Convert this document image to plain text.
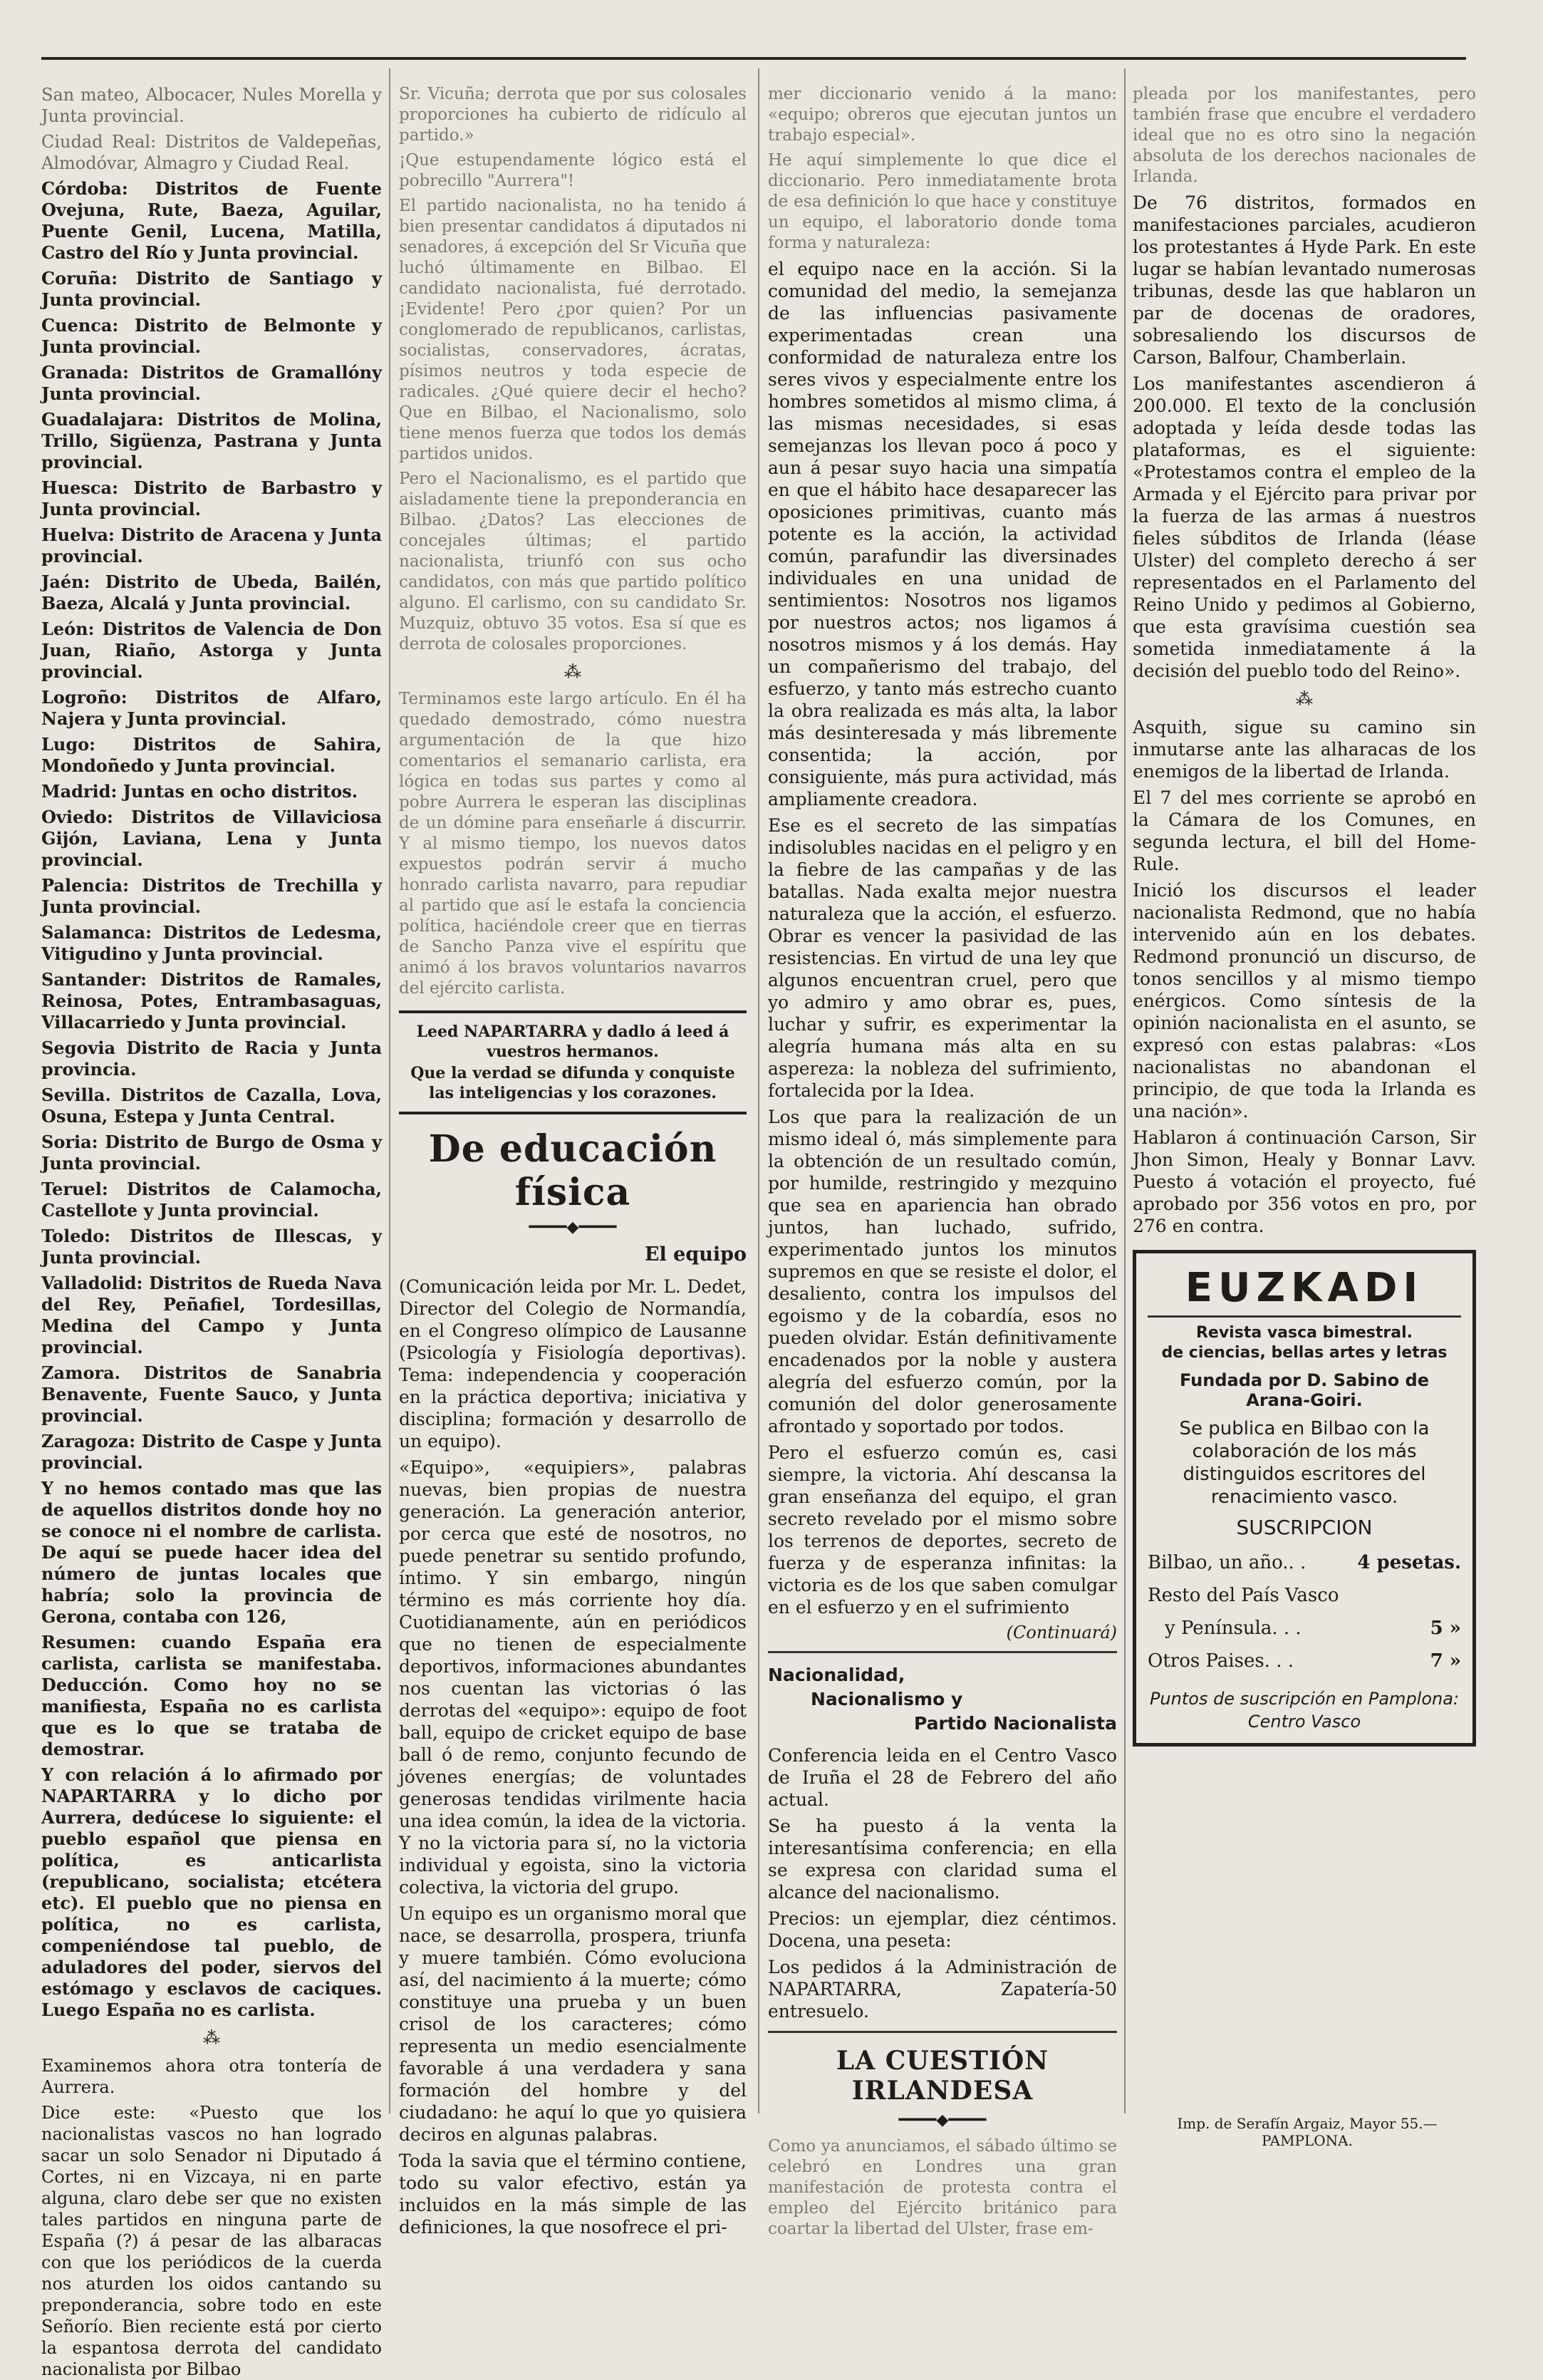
San mateo, Albocacer, Nules Morella y Junta provincial.

Ciudad Real: Distritos de Valdepeñas, Almodóvar, Almagro y Ciudad Real.

Córdoba: Distritos de Fuente Ovejuna, Rute, Baeza, Aguilar, Puente Genil, Lucena, Matilla, Castro del Río y Junta provincial.

Coruña: Distrito de Santiago y Junta provincial.

Cuenca: Distrito de Belmonte y Junta provincial.

Granada: Distritos de Gramallóny Junta provincial.

Guadalajara: Distritos de Molina, Trillo, Sigüenza, Pastrana y Junta provincial.

Huesca: Distrito de Barbastro y Junta provincial.

Huelva: Distrito de Aracena y Junta provincial.

Jaén: Distrito de Ubeda, Bailén, Baeza, Alcalá y Junta provincial.

León: Distritos de Valencia de Don Juan, Riaño, Astorga y Junta provincial.

Logroño: Distritos de Alfaro, Najera y Junta provincial.

Lugo: Distritos de Sahira, Mondoñedo y Junta provincial.

Madrid: Juntas en ocho distritos.

Oviedo: Distritos de Villaviciosa Gijón, Laviana, Lena y Junta provincial.

Palencia: Distritos de Trechilla y Junta provincial.

Salamanca: Distritos de Ledesma, Vitigudino y Junta provincial.

Santander: Distritos de Ramales, Reinosa, Potes, Entrambasaguas, Villacarriedo y Junta provincial.

Segovia Distrito de Racia y Junta provincia.

Sevilla. Distritos de Cazalla, Lova, Osuna, Estepa y Junta Central.

Soria: Distrito de Burgo de Osma y Junta provincial.

Teruel: Distritos de Calamocha, Castellote y Junta provincial.

Toledo: Distritos de Illescas, y Junta provincial.

Valladolid: Distritos de Rueda Nava del Rey, Peñafiel, Tordesillas, Medina del Campo y Junta provincial.

Zamora. Distritos de Sanabria Benavente, Fuente Sauco, y Junta provincial.

Zaragoza: Distrito de Caspe y Junta provincial.

Y no hemos contado mas que las de aquellos distritos donde hoy no se conoce ni el nombre de carlista. De aquí se puede hacer idea del número de juntas locales que habría; solo la provincia de Gerona, contaba con 126,

Resumen: cuando España era carlista, carlista se manifestaba. Deducción. Como hoy no se manifiesta, España no es carlista que es lo que se trataba de demostrar.

Y con relación á lo afirmado por NAPARTARRA y lo dicho por Aurrera, dedúcese lo siguiente: el pueblo español que piensa en política, es anticarlista (republicano, socialista; etcétera etc). El pueblo que no piensa en política, no es carlista, compeniéndose tal pueblo, de aduladores del poder, siervos del estómago y esclavos de caciques. Luego España no es carlista.

⁂

Examinemos ahora otra tontería de Aurrera.

Dice este: «Puesto que los nacionalistas vascos no han logrado sacar un solo Senador ni Diputado á Cortes, ni en Vizcaya, ni en parte alguna, claro debe ser que no existen tales partidos en ninguna parte de España (?) á pesar de las albaracas con que los periódicos de la cuerda nos aturden los oidos cantando su preponderancia, sobre todo en este Señorío. Bien reciente está por cierto la espantosa derrota del candidato nacionalista por Bilbao

Sr. Vicuña; derrota que por sus colosales proporciones ha cubierto de ridículo al partido.»

¡Que estupendamente lógico está el pobrecillo "Aurrera"!

El partido nacionalista, no ha tenido á bien presentar candidatos á diputados ni senadores, á excepción del Sr Vicuña que luchó últimamente en Bilbao. El candidato nacionalista, fué derrotado. ¡Evidente! Pero ¿por quien? Por un conglomerado de republicanos, carlistas, socialistas, conservadores, ácratas, písimos neutros y toda especie de radicales. ¿Qué quiere decir el hecho? Que en Bilbao, el Nacionalismo, solo tiene menos fuerza que todos los demás partidos unidos.

Pero el Nacionalismo, es el partido que aisladamente tiene la preponderancia en Bilbao. ¿Datos? Las elecciones de concejales últimas; el partido nacionalista, triunfó con sus ocho candidatos, con más que partido político alguno. El carlismo, con su candidato Sr. Muzquiz, obtuvo 35 votos. Esa sí que es derrota de colosales proporciones.

⁂

Terminamos este largo artículo. En él ha quedado demostrado, cómo nuestra argumentación de la que hizo comentarios el semanario carlista, era lógica en todas sus partes y como al pobre Aurrera le esperan las disciplinas de un dómine para enseñarle á discurrir. Y al mismo tiempo, los nuevos datos expuestos podrán servir á mucho honrado carlista navarro, para repudiar al partido que así le estafa la conciencia política, haciéndole creer que en tierras de Sancho Panza vive el espíritu que animó á los bravos voluntarios navarros del ejército carlista.

Leed NAPARTARRA y dadlo á leed á vuestros hermanos.

Que la verdad se difunda y conquiste las inteligencias y los corazones.

De educación física
━━━━◆━━━━
El equipo

(Comunicación leida por Mr. L. Dedet, Director del Colegio de Normandía, en el Congreso olímpico de Lausanne (Psicología y Fisiología deportivas). Tema: independencia y cooperación en la práctica deportiva; iniciativa y disciplina; formación y desarrollo de un equipo).

«Equipo», «equipiers», palabras nuevas, bien propias de nuestra generación. La generación anterior, por cerca que esté de nosotros, no puede penetrar su sentido profundo, íntimo. Y sin embargo, ningún término es más corriente hoy día. Cuotidianamente, aún en periódicos que no tienen de especialmente deportivos, informaciones abundantes nos cuentan las victorias ó las derrotas del «equipo»: equipo de foot ball, equipo de cricket equipo de base ball ó de remo, conjunto fecundo de jóvenes energías; de voluntades generosas tendidas virilmente hacia una idea común, la idea de la victoria. Y no la victoria para sí, no la victoria individual y egoista, sino la victoria colectiva, la victoria del grupo.

Un equipo es un organismo moral que nace, se desarrolla, prospera, triunfa y muere también. Cómo evoluciona así, del nacimiento á la muerte; cómo constituye una prueba y un buen crisol de los caracteres; cómo representa un medio esencialmente favorable á una verdadera y sana formación del hombre y del ciudadano: he aquí lo que yo quisiera deciros en algunas palabras.

Toda la savia que el término contiene, todo su valor efectivo, están ya incluidos en la más simple de las definiciones, la que nosofrece el pri-

mer diccionario venido á la mano: «equipo; obreros que ejecutan juntos un trabajo especial».

He aquí simplemente lo que dice el diccionario. Pero inmediatamente brota de esa definición lo que hace y constituye un equipo, el laboratorio donde toma forma y naturaleza:

el equipo nace en la acción. Si la comunidad del medio, la semejanza de las influencias pasivamente experimentadas crean una conformidad de naturaleza entre los seres vivos y especialmente entre los hombres sometidos al mismo clima, á las mismas necesidades, si esas semejanzas los llevan poco á poco y aun á pesar suyo hacia una simpatía en que el hábito hace desaparecer las oposiciones primitivas, cuanto más potente es la acción, la actividad común, parafundir las diversinades individuales en una unidad de sentimientos: Nosotros nos ligamos por nuestros actos; nos ligamos á nosotros mismos y á los demás. Hay un compañerismo del trabajo, del esfuerzo, y tanto más estrecho cuanto la obra realizada es más alta, la labor más desinteresada y más libremente consentida; la acción, por consiguiente, más pura actividad, más ampliamente creadora.

Ese es el secreto de las simpatías indisolubles nacidas en el peligro y en la fiebre de las campañas y de las batallas. Nada exalta mejor nuestra naturaleza que la acción, el esfuerzo. Obrar es vencer la pasividad de las resistencias. En virtud de una ley que algunos encuentran cruel, pero que yo admiro y amo obrar es, pues, luchar y sufrir, es experimentar la alegría humana más alta en su aspereza: la nobleza del sufrimiento, fortalecida por la Idea.

Los que para la realización de un mismo ideal ó, más simplemente para la obtención de un resultado común, por humilde, restringido y mezquino que sea en apariencia han obrado juntos, han luchado, sufrido, experimentado juntos los minutos supremos en que se resiste el dolor, el desaliento, contra los impulsos del egoismo y de la cobardía, esos no pueden olvidar. Están definitivamente encadenados por la noble y austera alegría del esfuerzo común, por la comunión del dolor generosamente afrontado y soportado por todos.

Pero el esfuerzo común es, casi siempre, la victoria. Ahí descansa la gran enseñanza del equipo, el gran secreto revelado por el mismo sobre los terrenos de deportes, secreto de fuerza y de esperanza infinitas: la victoria es de los que saben comulgar en el esfuerzo y en el sufrimiento

(Continuará)
Nacionalidad,
Nacionalismo y
Partido Nacionalista

Conferencia leida en el Centro Vasco de Iruña el 28 de Febrero del año actual.

Se ha puesto á la venta la interesantísima conferencia; en ella se expresa con claridad suma el alcance del nacionalismo.

Precios: un ejemplar, diez céntimos. Docena, una peseta:

Los pedidos á la Administración de NAPARTARRA, Zapatería-50 entresuelo.

LA CUESTIÓN IRLANDESA
━━━━◆━━━━

Como ya anunciamos, el sábado último se celebró en Londres una gran manifestación de protesta contra el empleo del Ejército británico para coartar la libertad del Ulster, frase em-

pleada por los manifestantes, pero también frase que encubre el verdadero ideal que no es otro sino la negación absoluta de los derechos nacionales de Irlanda.

De 76 distritos, formados en manifestaciones parciales, acudieron los protestantes á Hyde Park. En este lugar se habían levantado numerosas tribunas, desde las que hablaron un par de docenas de oradores, sobresaliendo los discursos de Carson, Balfour, Chamberlain.

Los manifestantes ascendieron á 200.000. El texto de la conclusión adoptada y leída desde todas las plataformas, es el siguiente: «Protestamos contra el empleo de la Armada y el Ejército para privar por la fuerza de las armas á nuestros fieles súbditos de Irlanda (léase Ulster) del completo derecho á ser representados en el Parlamento del Reino Unido y pedimos al Gobierno, que esta gravísima cuestión sea sometida inmediatamente á la decisión del pueblo todo del Reino».

⁂

Asquith, sigue su camino sin inmutarse ante las alharacas de los enemigos de la libertad de Irlanda.

El 7 del mes corriente se aprobó en la Cámara de los Comunes, en segunda lectura, el bill del Home-Rule.

Inició los discursos el leader nacionalista Redmond, que no había intervenido aún en los debates. Redmond pronunció un discurso, de tonos sencillos y al mismo tiempo enérgicos. Como síntesis de la opinión nacionalista en el asunto, se expresó con estas palabras: «Los nacionalistas no abandonan el principio, de que toda la Irlanda es una nación».

Hablaron á continuación Carson, Sir Jhon Simon, Healy y Bonnar Lavv. Puesto á votación el proyecto, fué aprobado por 356 votos en pro, por 276 en contra.

EUZKADI
Revista vasca bimestral.
de ciencias, bellas artes y letras
Fundada por D. Sabino de Arana-Goiri.
Se publica en Bilbao con la colaboración de los más distinguidos escritores del renacimiento vasco.
SUSCRIPCION
Bilbao, un año.. .	4 pesetas.
Resto del País Vasco	
y Península. . .	5 »
Otros Paises. . .	7 »
Puntos de suscripción en Pamplona: Centro Vasco
Imp. de Serafín Argaiz, Mayor 55.—PAMPLONA.
